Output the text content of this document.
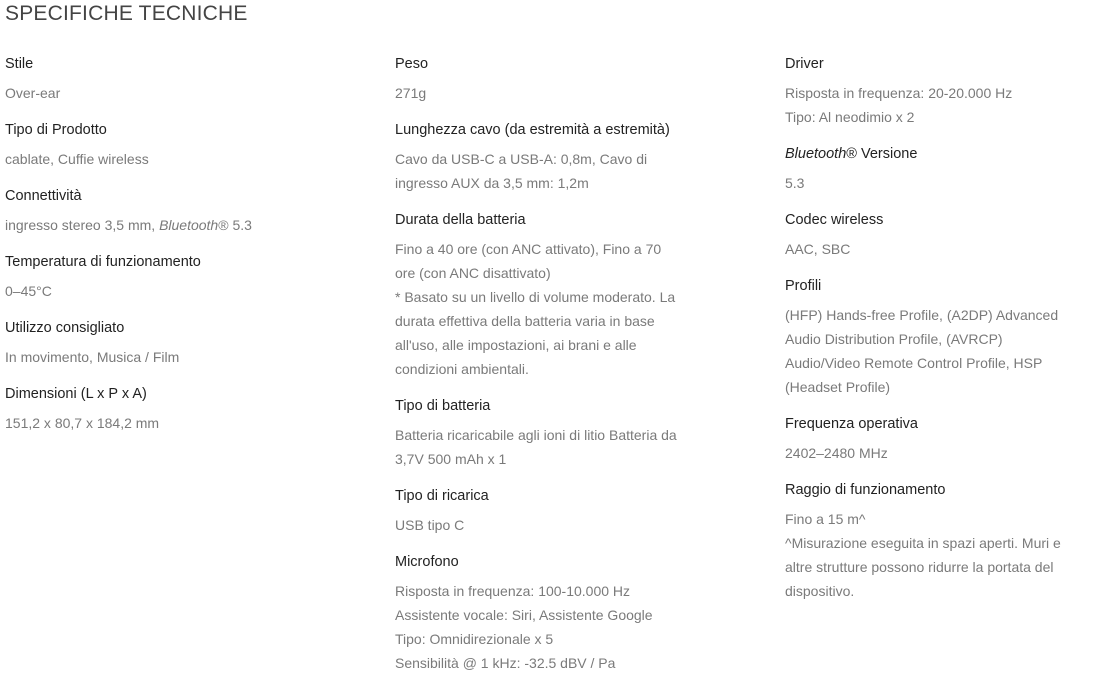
SPECIFICHE TECNICHE
Stile

Over-ear

Tipo di Prodotto

cablate, Cuffie wireless

Connettività

ingresso stereo 3,5 mm, Bluetooth® 5.3

Temperatura di funzionamento

0–45°C

Utilizzo consigliato

In movimento, Musica / Film

Dimensioni (L x P x A)

151,2 x 80,7 x 184,2 mm

Peso

271g

Lunghezza cavo (da estremità a estremità)

Cavo da USB-C a USB-A: 0,8m, Cavo di

ingresso AUX da 3,5 mm: 1,2m

Durata della batteria

Fino a 40 ore (con ANC attivato), Fino a 70

ore (con ANC disattivato)

* Basato su un livello di volume moderato. La

durata effettiva della batteria varia in base

all'uso, alle impostazioni, ai brani e alle

condizioni ambientali.

Tipo di batteria

Batteria ricaricabile agli ioni di litio Batteria da

3,7V 500 mAh x 1

Tipo di ricarica

USB tipo C

Microfono

Risposta in frequenza: 100-10.000 Hz

Assistente vocale: Siri, Assistente Google

Tipo: Omnidirezionale x 5

Sensibilità @ 1 kHz: -32.5 dBV / Pa

Driver

Risposta in frequenza: 20-20.000 Hz

Tipo: Al neodimio x 2

Bluetooth® Versione

5.3

Codec wireless

AAC, SBC

Profili

(HFP) Hands-free Profile, (A2DP) Advanced

Audio Distribution Profile, (AVRCP)

Audio/Video Remote Control Profile, HSP

(Headset Profile)

Frequenza operativa

2402–2480 MHz

Raggio di funzionamento

Fino a 15 m^

^Misurazione eseguita in spazi aperti. Muri e

altre strutture possono ridurre la portata del

dispositivo.
